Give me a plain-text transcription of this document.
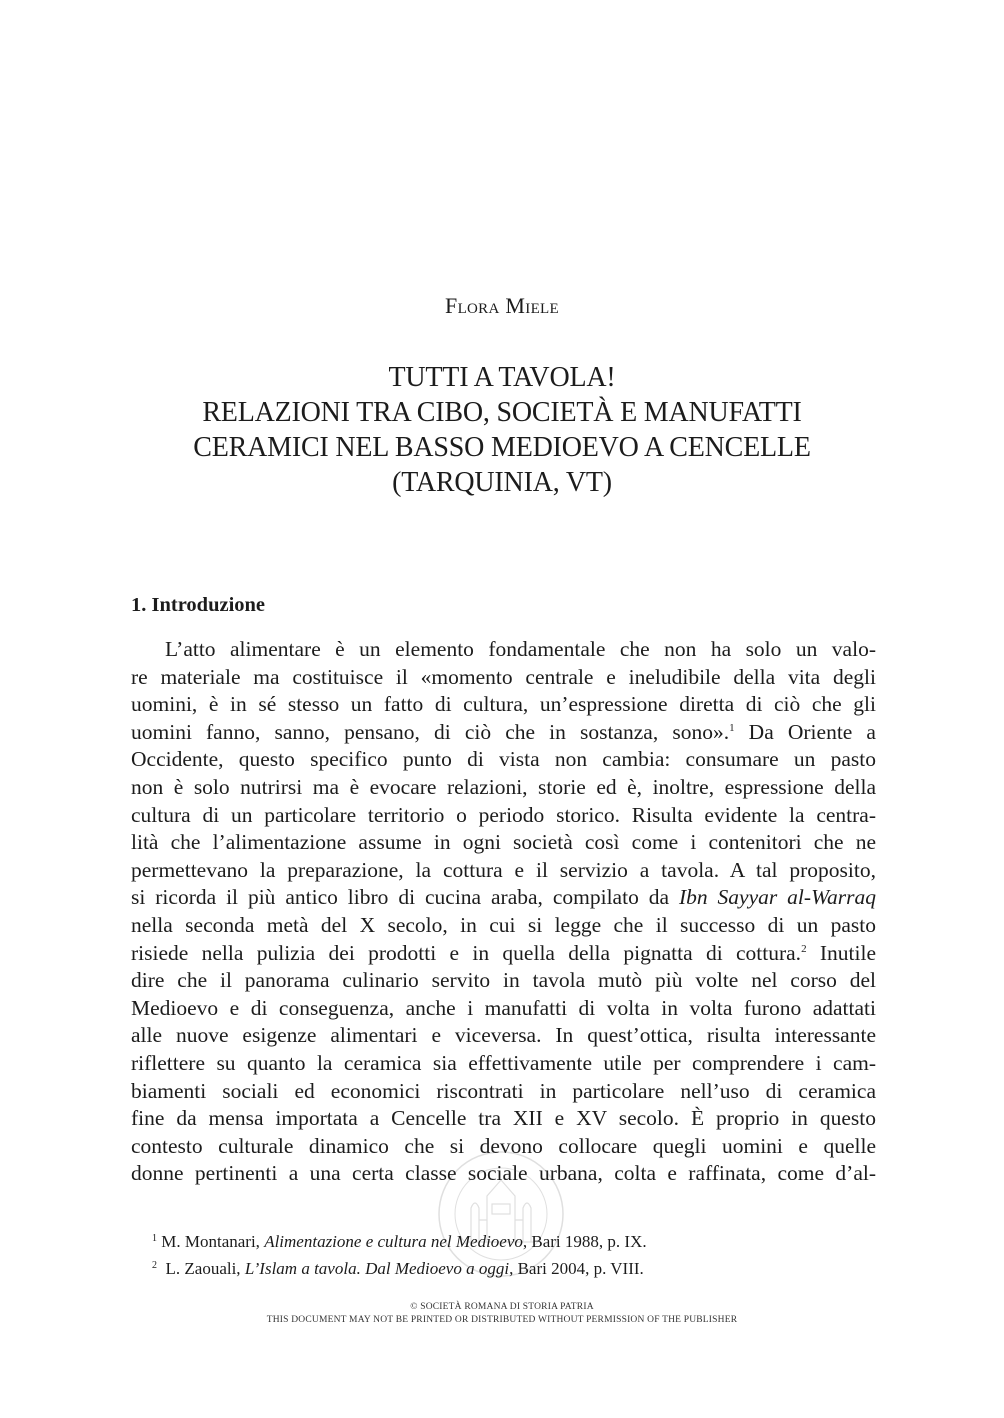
Flora Miele
TUTTI A TAVOLA!
RELAZIONI TRA CIBO, SOCIETÀ E MANUFATTI
CERAMICI NEL BASSO MEDIOEVO A CENCELLE
(TARQUINIA, VT)
1. Introduzione
L’atto alimentare è un elemento fondamentale che non ha solo un valo-
re materiale ma costituisce il «momento centrale e ineludibile della vita degli
uomini, è in sé stesso un fatto di cultura, un’espressione diretta di ciò che gli
uomini fanno, sanno, pensano, di ciò che in sostanza, sono».$^1$ Da Oriente a
Occidente, questo specifico punto di vista non cambia: consumare un pasto
non è solo nutrirsi ma è evocare relazioni, storie ed è, inoltre, espressione della
cultura di un particolare territorio o periodo storico. Risulta evidente la centra-
lità che l’alimentazione assume in ogni società così come i contenitori che ne
permettevano la preparazione, la cottura e il servizio a tavola. A tal proposito,
si ricorda il più antico libro di cucina araba, compilato da Ibn Sayyar al-Warraq
nella seconda metà del X secolo, in cui si legge che il successo di un pasto
risiede nella pulizia dei prodotti e in quella della pignatta di cottura.$^2$ Inutile
dire che il panorama culinario servito in tavola mutò più volte nel corso del
Medioevo e di conseguenza, anche i manufatti di volta in volta furono adattati
alle nuove esigenze alimentari e viceversa. In quest’ottica, risulta interessante
riflettere su quanto la ceramica sia effettivamente utile per comprendere i cam-
biamenti sociali ed economici riscontrati in particolare nell’uso di ceramica
fine da mensa importata a Cencelle tra XII e XV secolo. È proprio in questo
contesto culturale dinamico che si devono collocare quegli uomini e quelle
donne pertinenti a una certa classe sociale urbana, colta e raffinata, come d’al-
$^1$ M. Montanari, Alimentazione e cultura nel Medioevo, Bari 1988, p. IX.
$^2$  L. Zaouali, L’Islam a tavola. Dal Medioevo a oggi, Bari 2004, p. VIII.
© SOCIETÀ ROMANA DI STORIA PATRIA
THIS DOCUMENT MAY NOT BE PRINTED OR DISTRIBUTED WITHOUT PERMISSION OF THE PUBLISHER
